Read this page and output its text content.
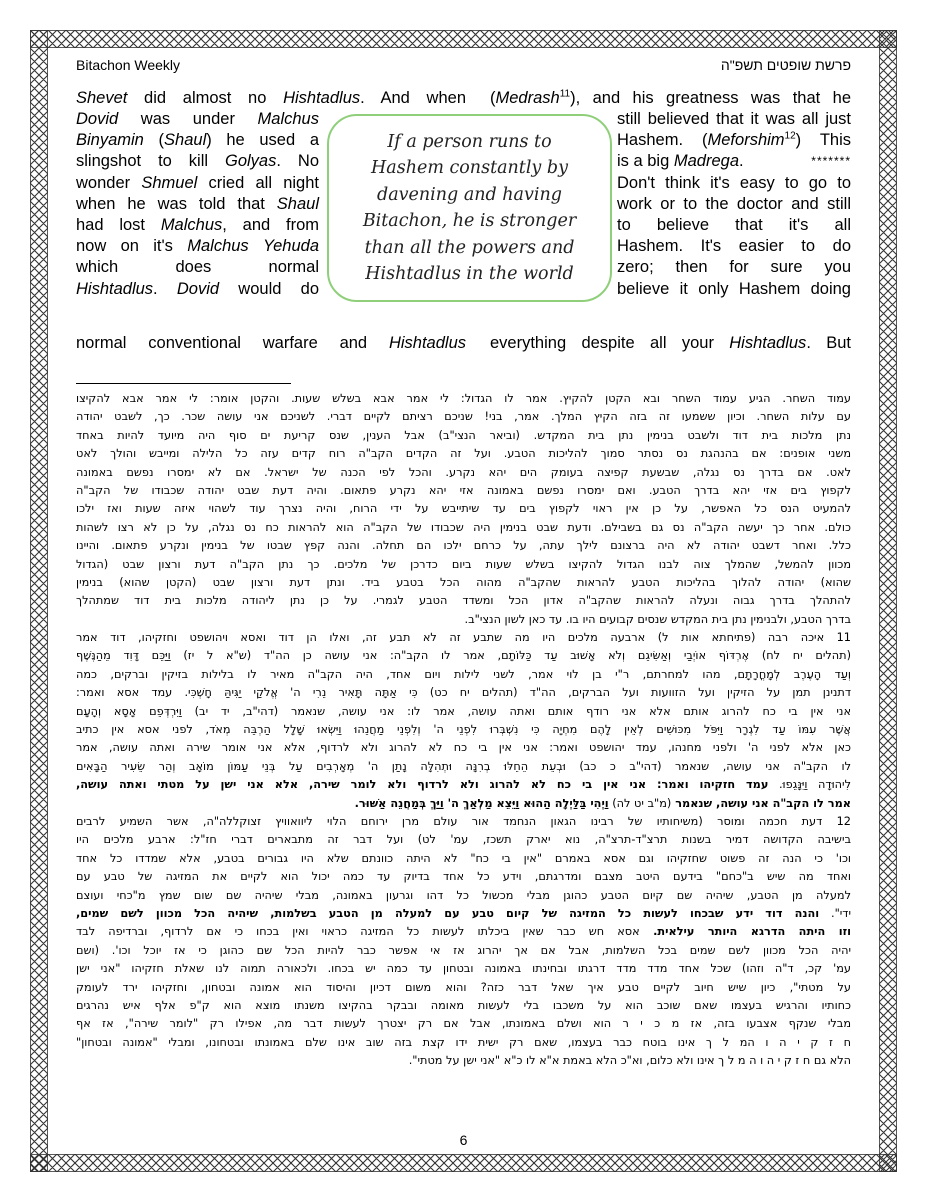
Bitachon Weekly	פרשת שופטים תשפ"ה
Shevet did almost no Hishtadlus. And when (Medrash$^{11}$), and his greatness was that he
Dovid was under Malchus
Binyamin (Shaul) he used a
slingshot to kill Golyas. No
wonder Shmuel cried all night
when he was told that Shaul
had lost Malchus, and from
now on it's Malchus Yehuda
which does normal
Hishtadlus. Dovid would do
still believed that it was all just
Hashem. (Meforshim$^{12}$) This
is a big Madrega.	*******
Don't think it's easy to go to
work or to the doctor and still
to believe that it's all
Hashem. It's easier to do
zero; then for sure you
believe it only Hashem doing
normal conventional warfare and Hishtadlus everything despite all your Hishtadlus. But
If a person runs to
Hashem constantly by
davening and having
Bitachon, he is stronger
than all the powers and
Hishtadlus in the world
עמוד השחר. הגיע עמוד השחר ובא הקטן להקיץ. אמר לו הגדול: לי אמר אבא בשלש שעות. והקטן אומר: לי אמר אבא להקיצו
עם עלות השחר. וכיון ששמעו זה בזה הקיץ המלך. אמר, בני! שניכם רציתם לקיים דברי. לשניכם אני עושה שכר. כך, לשבט יהודה
נתן מלכות בית דוד ולשבט בנימין נתן בית המקדש. (וביאר הנצי"ב) אבל הענין, שנס קריעת ים סוף היה מיועד להיות באחד
משני אופנים: אם בהנהגת נס נסתר סמוך להליכות הטבע. ועל זה הקדים הקב"ה רוח קדים עזה כל הלילה ומייבש והולך לאט
לאט. אם בדרך נס נגלה, שבשעת קפיצה בעומק הים יהא נקרע. והכל לפי הכנה של ישראל. אם לא ימסרו נפשם באמונה
לקפוץ בים אזי יהא בדרך הטבע. ואם ימסרו נפשם באמונה אזי יהא נקרע פתאום. והיה דעת שבט יהודה שכבודו של הקב"ה
להמעיט הנס כל האפשר, על כן אין ראוי לקפוץ בים עד שיתייבש על ידי הרוח, והיה נצרך עוד לשהוי איזה שעות ואז ילכו
כולם. אחר כך יעשה הקב"ה נס גם בשבילם. ודעת שבט בנימין היה שכבודו של הקב"ה הוא להראות כח נס נגלה, על כן לא רצו לשהות
כלל. ואחר דשבט יהודה לא היה ברצונם לילך עתה, על כרחם ילכו הם תחלה. והנה קפץ שבטו של בנימין ונקרע פתאום. והיינו
מכוון להמשל, שהמלך צוה לבנו הגדול להקיצו בשלש שעות ביום כדרכן של מלכים. כך נתן הקב"ה דעת ורצון שבט (הגדול
שהוא) יהודה להלוך בהליכות הטבע להראות שהקב"ה מהוה הכל בטבע ביד. ונתן דעת ורצון שבט (הקטן שהוא) בנימין
להתהלך בדרך גבוה ונעלה להראות שהקב"ה אדון הכל ומשדד הטבע לגמרי. על כן נתן ליהודה מלכות בית דוד שמתהלך
בדרך הטבע, ולבנימין נתן בית המקדש שנסים קבועים היו בו. עד כאן לשון הנצי"ב.
11 איכה רבה (פתיחתא אות ל) ארבעה מלכים היו מה שתבע זה לא תבע זה, ואלו הן דוד ואסא ויהושפט וחזקיהו, דוד אמר
(תהלים יח לח) אֶרְדּוֹף אוֹיְבַי וְאַשִּׂיגֵם וְלֹא אָשׁוּב עַד כַּלּוֹתָם, אמר לו הקב"ה: אני עושה כן הה"ד (ש"א ל יז) וַיַּכֵּם דָּוִד מֵהַנֶּשֶׁף
וְעַד הָעֶרֶב לְמָחֳרָתָם, מהו למחרתם, ר"י בן לוי אמר, לשני לילות ויום אחד, היה הקב"ה מאיר לו בלילות בזיקין וברקים, כמה
דתנינן תמן על הזיקין ועל הזוועות ועל הברקים, הה"ד (תהלים יח כט) כִּי אַתָּה תָּאִיר נֵרִי ה' אֱלֹקַי יַגִּיהַּ חָשְׁכִּי. עמד אסא ואמר:
אני אין בי כח להרוג אותם אלא אני רודף אותם ואתה עושה, אמר לו: אני עושה, שנאמר (דהי"ב, יד יב) וַיִּרְדְּפֵם אָסָא וְהָעָם
אֲשֶׁר עִמּוֹ עַד לִגְרָר וַיִּפֹּל מִכּוּשִׁים לְאֵין לָהֶם מִחְיָה כִּי נִשְׁבְּרוּ לִפְנֵי ה' וְלִפְנֵי מַחֲנֵהוּ וַיִּשְׂאוּ שָׁלָל הַרְבֵּה מְאֹד, לפני אסא אין כתיב
כאן אלא לפני ה' ולפני מחנהו, עמד יהושפט ואמר: אני אין בי כח לא להרוג ולא לרדוף, אלא אני אומר שירה ואתה עושה, אמר
לו הקב"ה אני עושה, שנאמר (דהי"ב כ כב) וּבְעֵת הֵחֵלּוּ בְרִנָּה וּתְהִלָּה נָתַן ה' מְאָרְבִים עַל בְּנֵי עַמּוֹן מוֹאָב וְהַר שֵׂעִיר הַבָּאִים
לִיהוּדָה וַיִּנָּגֵפוּ. עמד חזקיהו ואמר: אני אין בי כח לא להרוג ולא לרדוף ולא לומר שירה, אלא אני ישן על מטתי ואתה עושה,
אמר לו הקב"ה אני עושה, שנאמר (מ"ב יט לה) וַיְהִי בַּלַּיְלָה הַהוּא וַיֵּצֵא מַלְאַךְ ה' וַיַּךְ בְּמַחֲנֵה אַשּׁוּר.
12 דעת חכמה ומוסר (משיחותיו של רבינו הגאון הנחמד אור עולם מרן ירוחם הלוי ליוואוויץ זצוקללה"ה, אשר השמיע לרבים
בישיבה הקדושה דמיר בשנות תרצ"ד-תרצ"ה, נוא יארק תשכז, עמ' לט) ועל דבר זה מתבארים דברי חז"ל: ארבע מלכים היו
וכו' כי הנה זה פשוט שחזקיהו וגם אסא באמרם "אין בי כח" לא היתה כוונתם שלא היו גבורים בטבע, אלא שמדדו כל אחד
ואחד מה שיש ב"כחם" בידעם היטב מצבם ומדרגתם, וידע כל אחד בדיוק עד כמה יכול הוא לקיים את המזיגה של טבע עם
למעלה מן הטבע, שיהיה שם קיום הטבע כהוגן מבלי מכשול כל דהו וגרעון באמונה, מבלי שיהיה שם שום שמץ מ"כחי ועוצם
ידי". והנה דוד ידע שבכחו לעשות כל המזיגה של קיום טבע עם למעלה מן הטבע בשלמות, שיהיה הכל מכוון לשם שמים,
וזו היתה הדרגא היותר עילאית. אסא חש כבר שאין ביכלתו לעשות כל המזיגה כראוי ואין בכחו כי אם לרדוף, וברדיפה לבד
יהיה הכל מכוון לשם שמים בכל השלמות, אבל אם אך יהרוג אז אי אפשר כבר להיות הכל שם כהוגן כי אז יוכל וכו'. (ושם
עמ' קכ, ד"ה וזהו) שכל אחד מדד מדד דרגתו ובחינתו באמונה ובטחון עד כמה יש בכחו. ולכאורה תמוה לנו שאלת חזקיהו "אני ישן
על מטתי", כיון שיש חיוב לקיים טבע איך שאל דבר כזה? והוא משום דכיון והיסוד הוא אמונה ובטחון, וחזקיהו ירד לעומק
כחותיו והרגיש בעצמו שאם שוכב הוא על משכבו בלי לעשות מאומה ובבקר בהקיצו משנתו מוצא הוא ק"פ אלף איש נהרגים
מבלי שנקף אצבעו בזה, אז מ כ י ר הוא ושלם באמונתו, אבל אם רק יצטרך לעשות דבר מה, אפילו רק "לומר שירה", אז אף
ח ז ק י ה ו המ ל ך אינו בוטח כבר בעצמו, שאם רק ישית ידו קצת בזה שוב אינו שלם באמונתו ובטחונו, ומבלי "אמונה ובטחון"
הלא גם ח ז ק י ה ו ה מ ל ך אינו ולא כלום, וא"כ הלא באמת א"א לו כ"א "אני ישן על מטתי".
6
